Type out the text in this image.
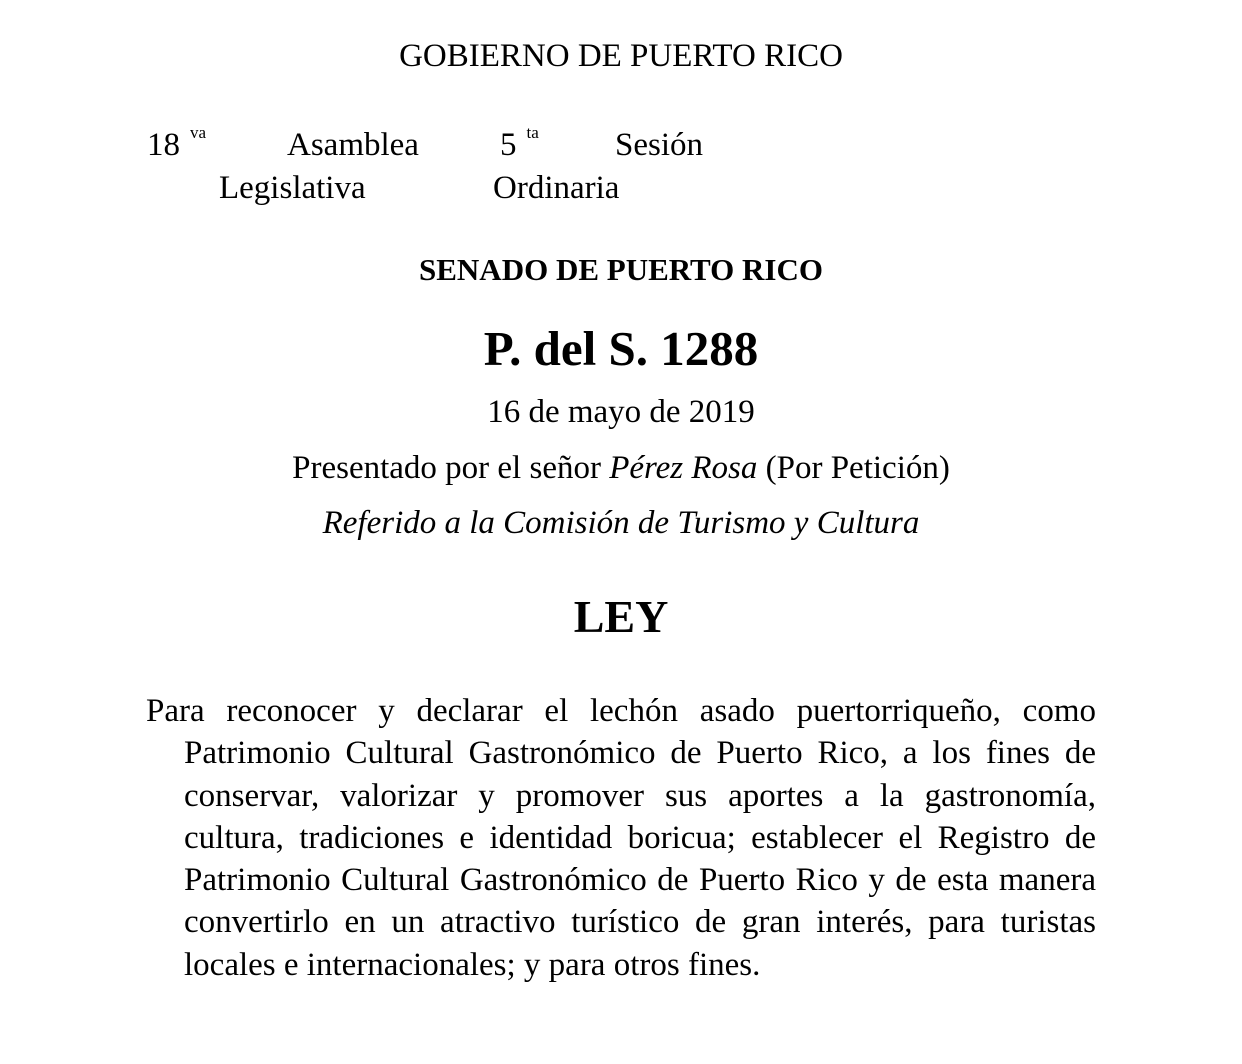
GOBIERNO DE PUERTO RICO
18 $^{va}$ Asamblea
Legislativa
5 $^{ta}$ Sesión
Ordinaria
SENADO DE PUERTO RICO
P. del S. 1288
16 de mayo de 2019
Presentado por el señor Pérez Rosa (Por Petición)
Referido a la Comisión de Turismo y Cultura
LEY

Para reconocer y declarar el lechón asado puertorriqueño, como Patrimonio Cultural Gastronómico de Puerto Rico, a los fines de conservar, valorizar y promover sus aportes a la gastronomía, cultura, tradiciones e identidad boricua; establecer el Registro de Patrimonio Cultural Gastronómico de Puerto Rico y de esta manera convertirlo en un atractivo turístico de gran interés, para turistas locales e internacionales; y para otros fines.
